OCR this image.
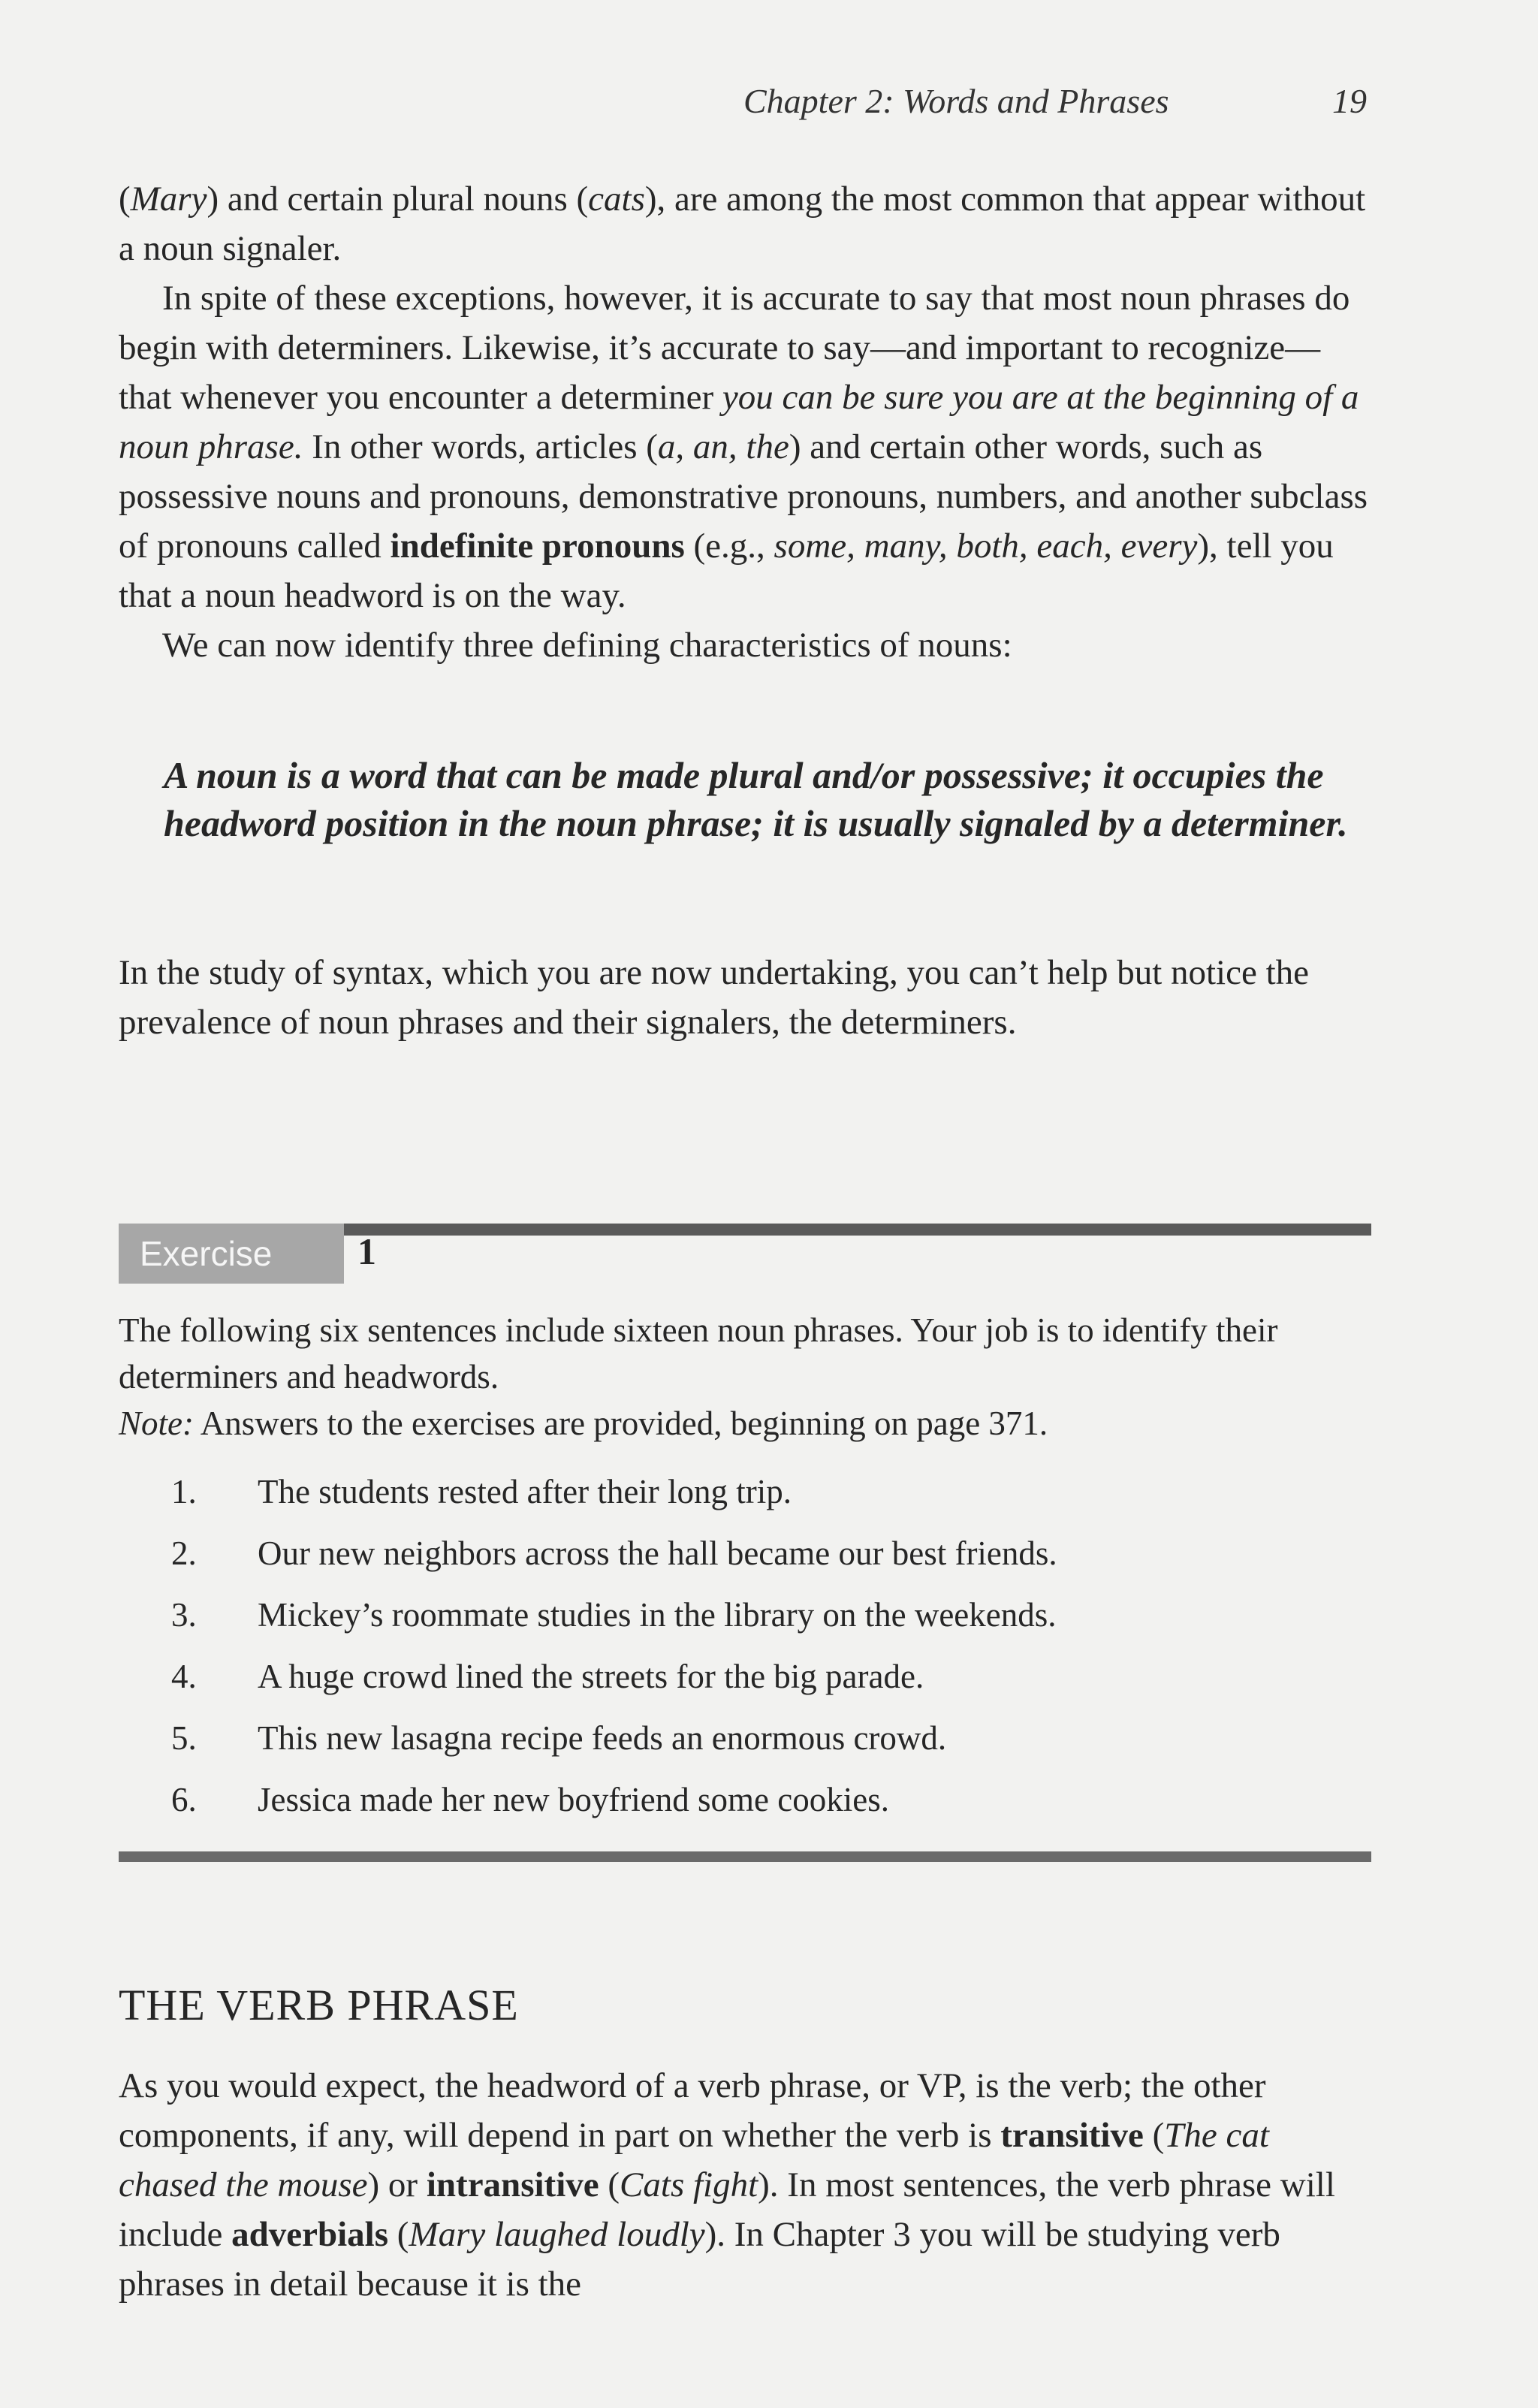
Chapter 2: Words and Phrases	19

(Mary) and certain plural nouns (cats), are among the most common that appear without a noun signaler.

In spite of these exceptions, however, it is accurate to say that most noun phrases do begin with determiners. Likewise, it’s accurate to say—and important to recognize—that whenever you encounter a determiner you can be sure you are at the beginning of a noun phrase. In other words, articles (a, an, the) and certain other words, such as possessive nouns and pronouns, demonstrative pronouns, numbers, and another subclass of pronouns called indefinite pronouns (e.g., some, many, both, each, every), tell you that a noun headword is on the way.

We can now identify three defining characteristics of nouns:

A noun is a word that can be made plural and/or possessive; it occupies the headword position in the noun phrase; it is usually signaled by a determiner.
In the study of syntax, which you are now undertaking, you can’t help but notice the prevalence of noun phrases and their signalers, the determiners.
Exercise	1

The following six sentences include sixteen noun phrases. Your job is to identify their determiners and headwords.

Note: Answers to the exercises are provided, beginning on page 371.

1.	The students rested after their long trip.
2.	Our new neighbors across the hall became our best friends.
3.	Mickey’s roommate studies in the library on the weekends.
4.	A huge crowd lined the streets for the big parade.
5.	This new lasagna recipe feeds an enormous crowd.
6.	Jessica made her new boyfriend some cookies.
THE VERB PHRASE

As you would expect, the headword of a verb phrase, or VP, is the verb; the other components, if any, will depend in part on whether the verb is transitive (The cat chased the mouse) or intransitive (Cats fight). In most sentences, the verb phrase will include adverbials (Mary laughed loudly). In Chapter 3 you will be studying verb phrases in detail because it is the
